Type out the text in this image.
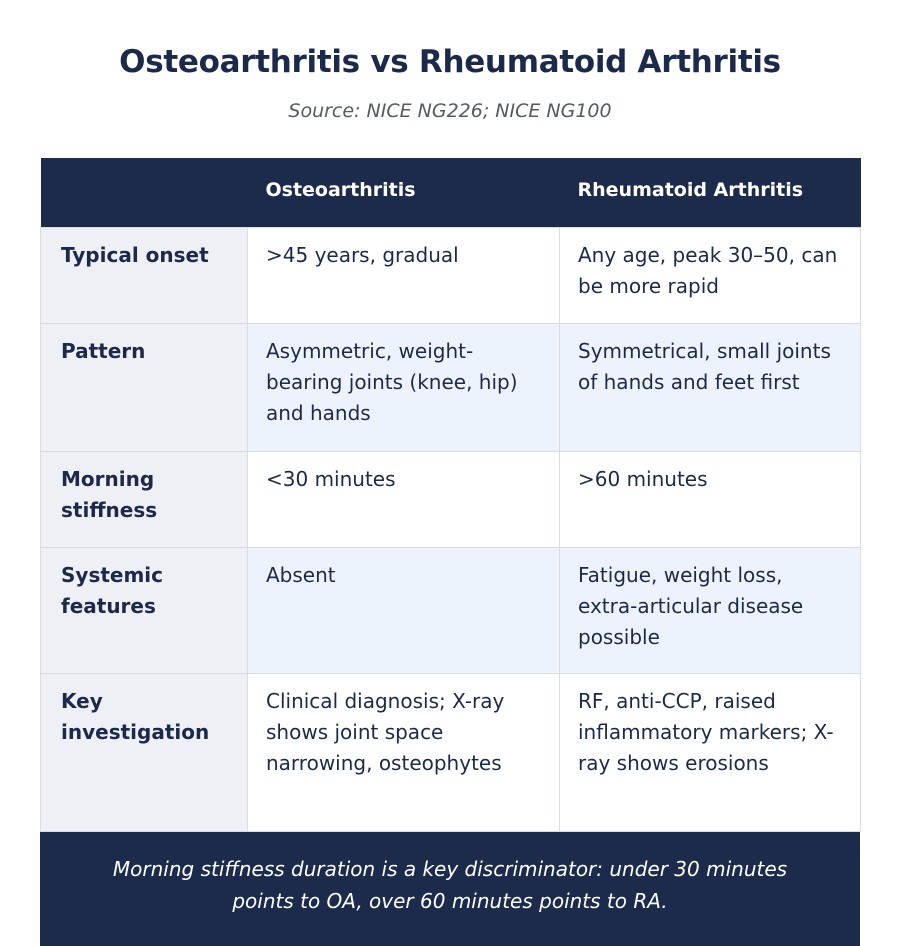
Osteoarthritis vs Rheumatoid Arthritis
Source: NICE NG226; NICE NG100
	Osteoarthritis	Rheumatoid Arthritis
Typical onset	>45 years, gradual	Any age, peak 30–50, can be more rapid
Pattern	Asymmetric, weight-bearing joints (knee, hip) and hands	Symmetrical, small joints of hands and feet first
Morning stiffness	<30 minutes	>60 minutes
Systemic features	Absent	Fatigue, weight loss, extra-articular disease possible
Key investigation	Clinical diagnosis; X-ray shows joint space narrowing, osteophytes	RF, anti-CCP, raised inflammatory markers; X-ray shows erosions
Morning stiffness duration is a key discriminator: under 30 minutes points to OA, over 60 minutes points to RA.
